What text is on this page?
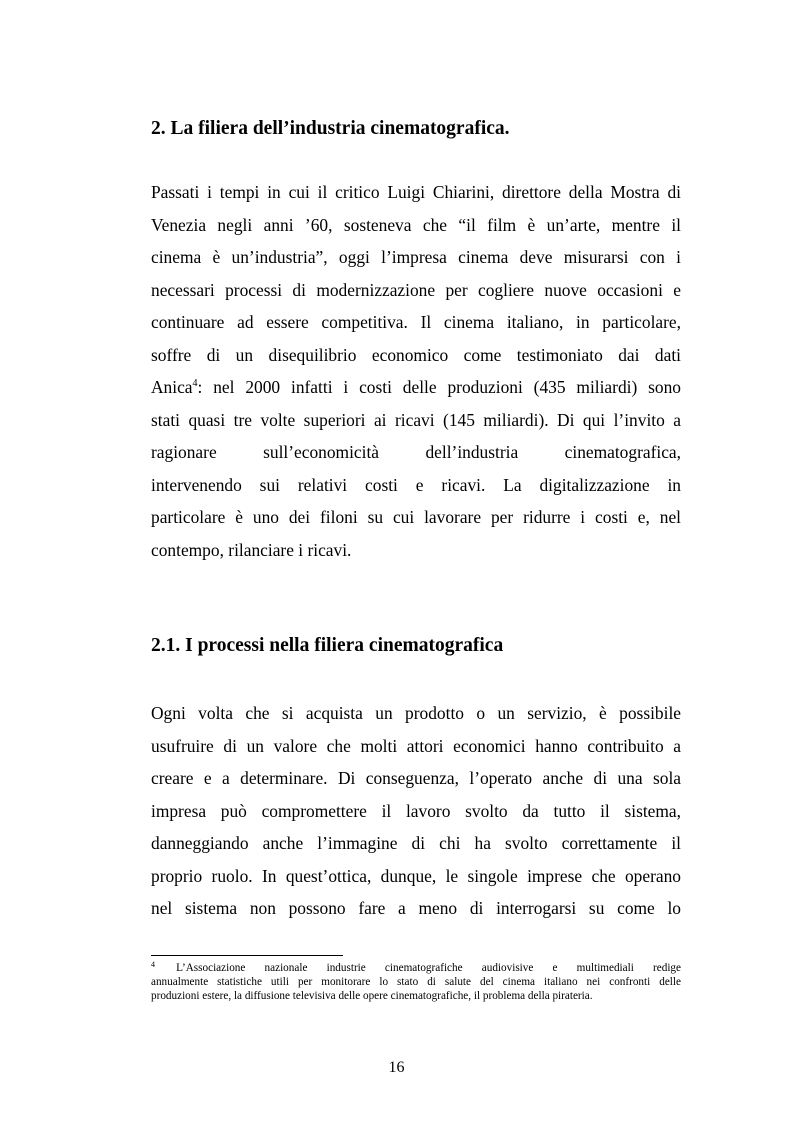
2. La filiera dell’industria cinematografica.
Passati i tempi in cui il critico Luigi Chiarini, direttore della Mostra di
Venezia negli anni ’60, sosteneva che “il film è un’arte, mentre il
cinema è un’industria”, oggi l’impresa cinema deve misurarsi con i
necessari processi di modernizzazione per cogliere nuove occasioni e
continuare ad essere competitiva. Il cinema italiano, in particolare,
soffre di un disequilibrio economico come testimoniato dai dati
Anica$^4$: nel 2000 infatti i costi delle produzioni (435 miliardi) sono
stati quasi tre volte superiori ai ricavi (145 miliardi). Di qui l’invito a
ragionare sull’economicità dell’industria cinematografica,
intervenendo sui relativi costi e ricavi. La digitalizzazione in
particolare è uno dei filoni su cui lavorare per ridurre i costi e, nel
contempo, rilanciare i ricavi.
2.1. I processi nella filiera cinematografica
Ogni volta che si acquista un prodotto o un servizio, è possibile
usufruire di un valore che molti attori economici hanno contribuito a
creare e a determinare. Di conseguenza, l’operato anche di una sola
impresa può compromettere il lavoro svolto da tutto il sistema,
danneggiando anche l’immagine di chi ha svolto correttamente il
proprio ruolo. In quest’ottica, dunque, le singole imprese che operano
nel sistema non possono fare a meno di interrogarsi su come lo
$^4$ L’Associazione nazionale industrie cinematografiche audiovisive e multimediali redige
annualmente statistiche utili per monitorare lo stato di salute del cinema italiano nei confronti delle
produzioni estere, la diffusione televisiva delle opere cinematografiche, il problema della pirateria.
16
